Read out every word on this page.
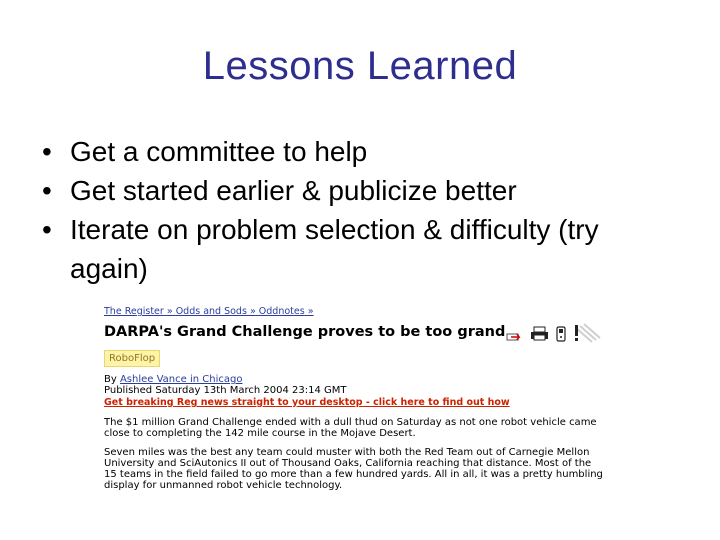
Lessons Learned
• Get a committee to help
• Get started earlier & publicize better
• Iterate on problem selection & difficulty (try again)
The Register » Odds and Sods » Oddnotes »
DARPA's Grand Challenge proves to be too grand
RoboFlop
By Ashlee Vance in Chicago
Published Saturday 13th March 2004 23:14 GMT
Get breaking Reg news straight to your desktop - click here to find out how
The $1 million Grand Challenge ended with a dull thud on Saturday as not one robot vehicle came close to completing the 142 mile course in the Mojave Desert.
Seven miles was the best any team could muster with both the Red Team out of Carnegie Mellon University and SciAutonics II out of Thousand Oaks, California reaching that distance. Most of the 15 teams in the field failed to go more than a few hundred yards. All in all, it was a pretty humbling display for unmanned robot vehicle technology.
